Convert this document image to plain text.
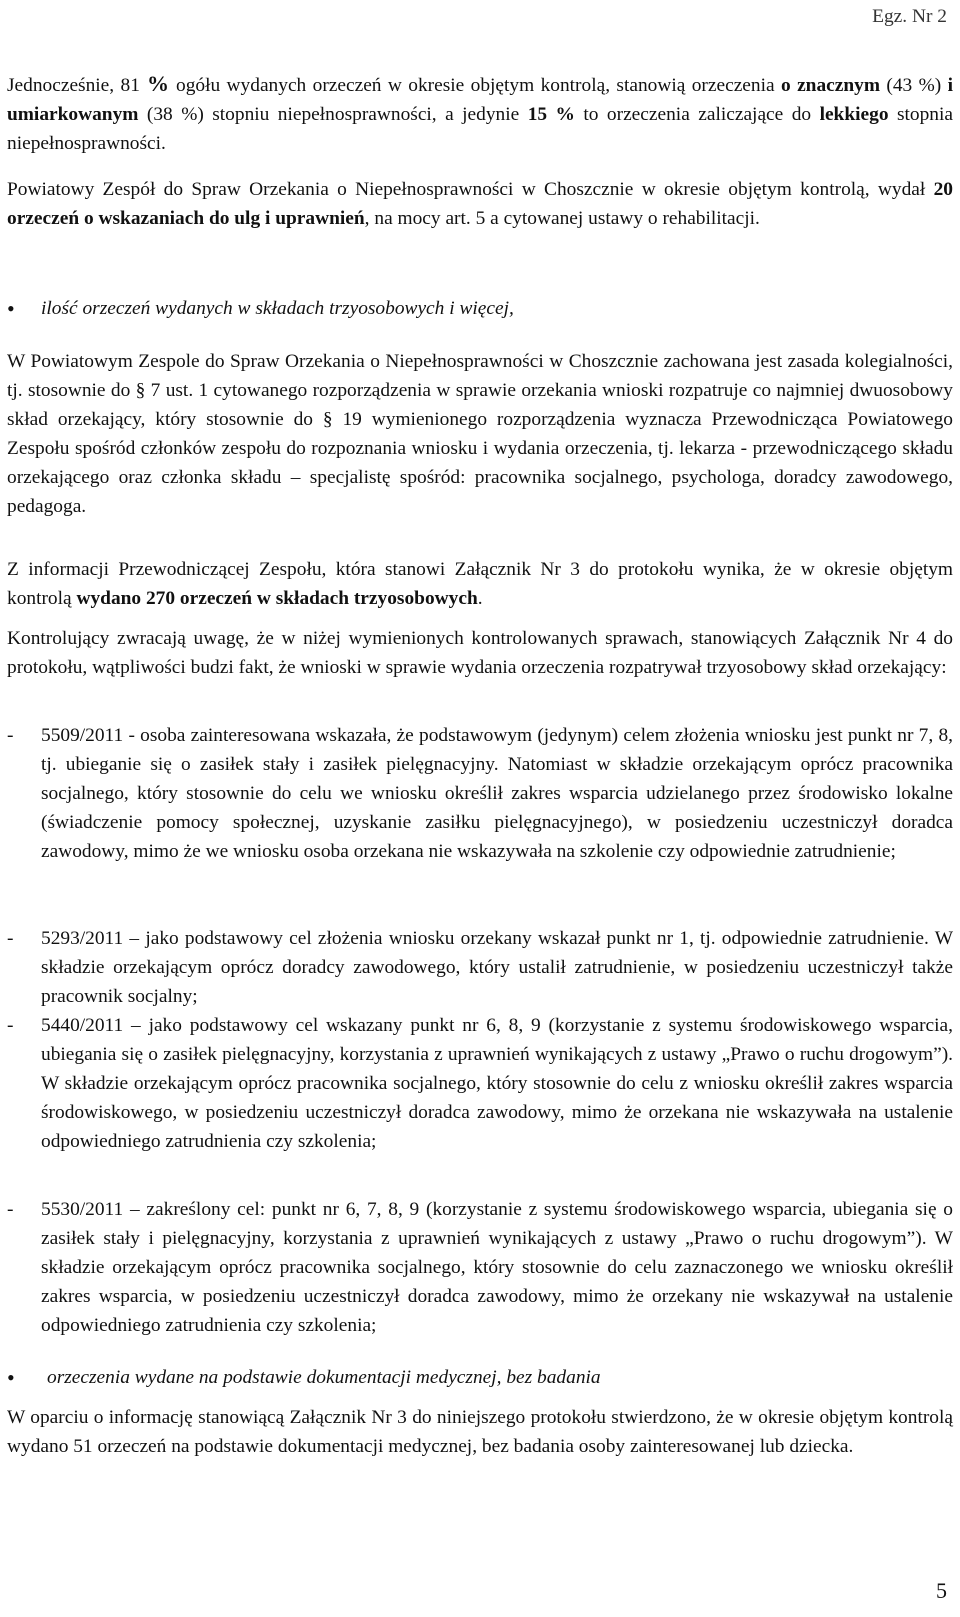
Egz. Nr 2
Jednocześnie, 81 % ogółu wydanych orzeczeń w okresie objętym kontrolą, stanowią orzeczenia o znacznym (43 %) i umiarkowanym (38 %) stopniu niepełnosprawności, a jedynie 15 % to orzeczenia zaliczające do lekkiego stopnia niepełnosprawności.
Powiatowy Zespół do Spraw Orzekania o Niepełnosprawności w Choszcznie w okresie objętym kontrolą, wydał 20 orzeczeń o wskazaniach do ulg i uprawnień, na mocy art. 5 a cytowanej ustawy o rehabilitacji.
• ilość orzeczeń wydanych w składach trzyosobowych i więcej,
W Powiatowym Zespole do Spraw Orzekania o Niepełnosprawności w Choszcznie zachowana jest zasada kolegialności, tj. stosownie do § 7 ust. 1 cytowanego rozporządzenia w sprawie orzekania wnioski rozpatruje co najmniej dwuosobowy skład orzekający, który stosownie do § 19 wymienionego rozporządzenia wyznacza Przewodnicząca Powiatowego Zespołu spośród członków zespołu do rozpoznania wniosku i wydania orzeczenia, tj. lekarza - przewodniczącego składu orzekającego oraz członka składu – specjalistę spośród: pracownika socjalnego, psychologa, doradcy zawodowego, pedagoga.
Z informacji Przewodniczącej Zespołu, która stanowi Załącznik Nr 3 do protokołu wynika, że w okresie objętym kontrolą wydano 270 orzeczeń w składach trzyosobowych.
Kontrolujący zwracają uwagę, że w niżej wymienionych kontrolowanych sprawach, stanowiących Załącznik Nr 4 do protokołu, wątpliwości budzi fakt, że wnioski w sprawie wydania orzeczenia rozpatrywał trzyosobowy skład orzekający:
- 5509/2011 - osoba zainteresowana wskazała, że podstawowym (jedynym) celem złożenia wniosku jest punkt nr 7, 8, tj. ubieganie się o zasiłek stały i zasiłek pielęgnacyjny. Natomiast w składzie orzekającym oprócz pracownika socjalnego, który stosownie do celu we wniosku określił zakres wsparcia udzielanego przez środowisko lokalne (świadczenie pomocy społecznej, uzyskanie zasiłku pielęgnacyjnego), w posiedzeniu uczestniczył doradca zawodowy, mimo że we wniosku osoba orzekana nie wskazywała na szkolenie czy odpowiednie zatrudnienie;
- 5293/2011 – jako podstawowy cel złożenia wniosku orzekany wskazał punkt nr 1, tj. odpowiednie zatrudnienie. W składzie orzekającym oprócz doradcy zawodowego, który ustalił zatrudnienie, w posiedzeniu uczestniczył także pracownik socjalny;
- 5440/2011 – jako podstawowy cel wskazany punkt nr 6, 8, 9 (korzystanie z systemu środowiskowego wsparcia, ubiegania się o zasiłek pielęgnacyjny, korzystania z uprawnień wynikających z ustawy „Prawo o ruchu drogowym”). W składzie orzekającym oprócz pracownika socjalnego, który stosownie do celu z wniosku określił zakres wsparcia środowiskowego, w posiedzeniu uczestniczył doradca zawodowy, mimo że orzekana nie wskazywała na ustalenie odpowiedniego zatrudnienia czy szkolenia;
- 5530/2011 – zakreślony cel: punkt nr 6, 7, 8, 9 (korzystanie z systemu środowiskowego wsparcia, ubiegania się o zasiłek stały i pielęgnacyjny, korzystania z uprawnień wynikających z ustawy „Prawo o ruchu drogowym”). W składzie orzekającym oprócz pracownika socjalnego, który stosownie do celu zaznaczonego we wniosku określił zakres wsparcia, w posiedzeniu uczestniczył doradca zawodowy, mimo że orzekany nie wskazywał na ustalenie odpowiedniego zatrudnienia czy szkolenia;
• orzeczenia wydane na podstawie dokumentacji medycznej, bez badania
W oparciu o informację stanowiącą Załącznik Nr 3 do niniejszego protokołu stwierdzono, że w okresie objętym kontrolą wydano 51 orzeczeń na podstawie dokumentacji medycznej, bez badania osoby zainteresowanej lub dziecka.
5
